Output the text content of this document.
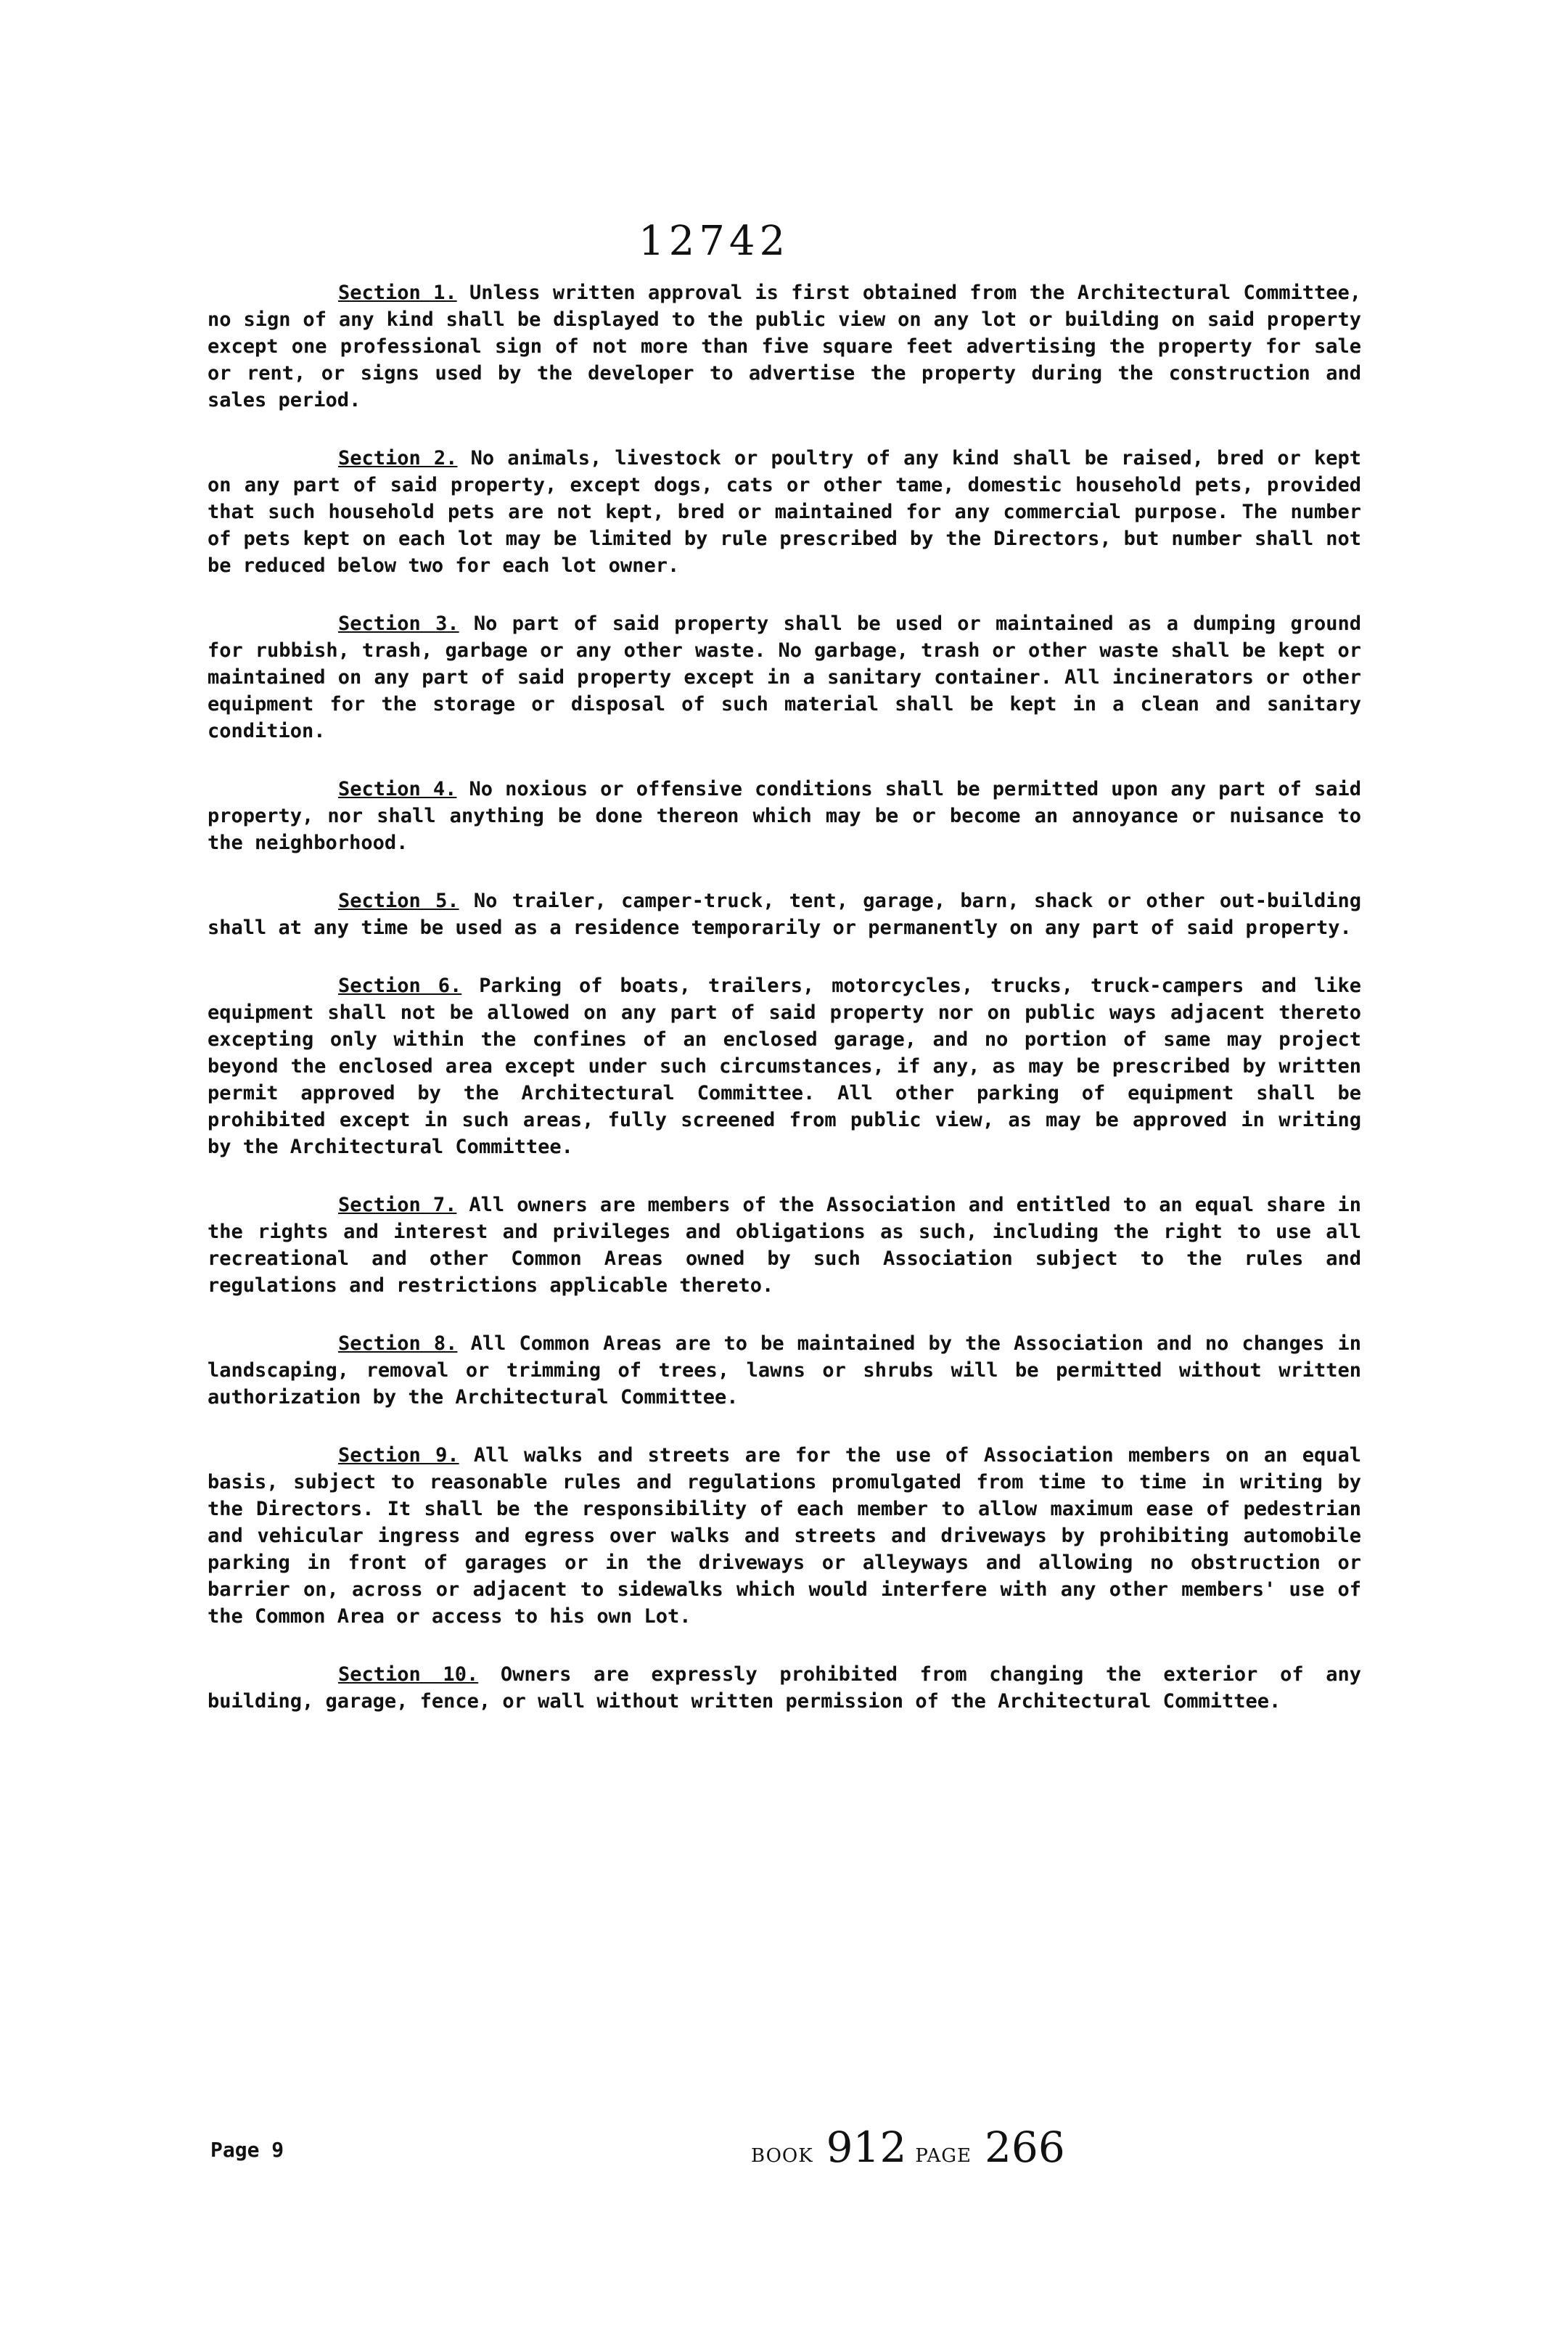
12742

Section 1. Unless written approval is first obtained from the Architectural Committee, no sign of any kind shall be displayed to the public view on any lot or building on said property except one professional sign of not more than five square feet advertising the property for sale or rent, or signs used by the developer to advertise the property during the construction and sales period.

Section 2. No animals, livestock or poultry of any kind shall be raised, bred or kept on any part of said property, except dogs, cats or other tame, domestic household pets, provided that such household pets are not kept, bred or maintained for any commercial purpose. The number of pets kept on each lot may be limited by rule prescribed by the Directors, but number shall not be reduced below two for each lot owner.

Section 3. No part of said property shall be used or maintained as a dumping ground for rubbish, trash, garbage or any other waste. No garbage, trash or other waste shall be kept or maintained on any part of said property except in a sanitary container. All incinerators or other equipment for the storage or disposal of such material shall be kept in a clean and sanitary condition.

Section 4. No noxious or offensive conditions shall be permitted upon any part of said property, nor shall anything be done thereon which may be or become an annoyance or nuisance to the neighborhood.

Section 5. No trailer, camper-truck, tent, garage, barn, shack or other out-building shall at any time be used as a residence temporarily or permanently on any part of said property.

Section 6. Parking of boats, trailers, motorcycles, trucks, truck-campers and like equipment shall not be allowed on any part of said property nor on public ways adjacent thereto excepting only within the confines of an enclosed garage, and no portion of same may project beyond the enclosed area except under such circumstances, if any, as may be prescribed by written permit approved by the Architectural Committee. All other parking of equipment shall be prohibited except in such areas, fully screened from public view, as may be approved in writing by the Architectural Committee.

Section 7. All owners are members of the Association and entitled to an equal share in the rights and interest and privileges and obligations as such, including the right to use all recreational and other Common Areas owned by such Association subject to the rules and regulations and restrictions applicable thereto.

Section 8. All Common Areas are to be maintained by the Association and no changes in landscaping, removal or trimming of trees, lawns or shrubs will be permitted without written authorization by the Architectural Committee.

Section 9. All walks and streets are for the use of Association members on an equal basis, subject to reasonable rules and regulations promulgated from time to time in writing by the Directors. It shall be the responsibility of each member to allow maximum ease of pedestrian and vehicular ingress and egress over walks and streets and driveways by prohibiting automobile parking in front of garages or in the driveways or alleyways and allowing no obstruction or barrier on, across or adjacent to sidewalks which would interfere with any other members' use of the Common Area or access to his own Lot.

Section 10. Owners are expressly prohibited from changing the exterior of any building, garage, fence, or wall without written permission of the Architectural Committee.

Page 9	BOOK 912 PAGE 266
